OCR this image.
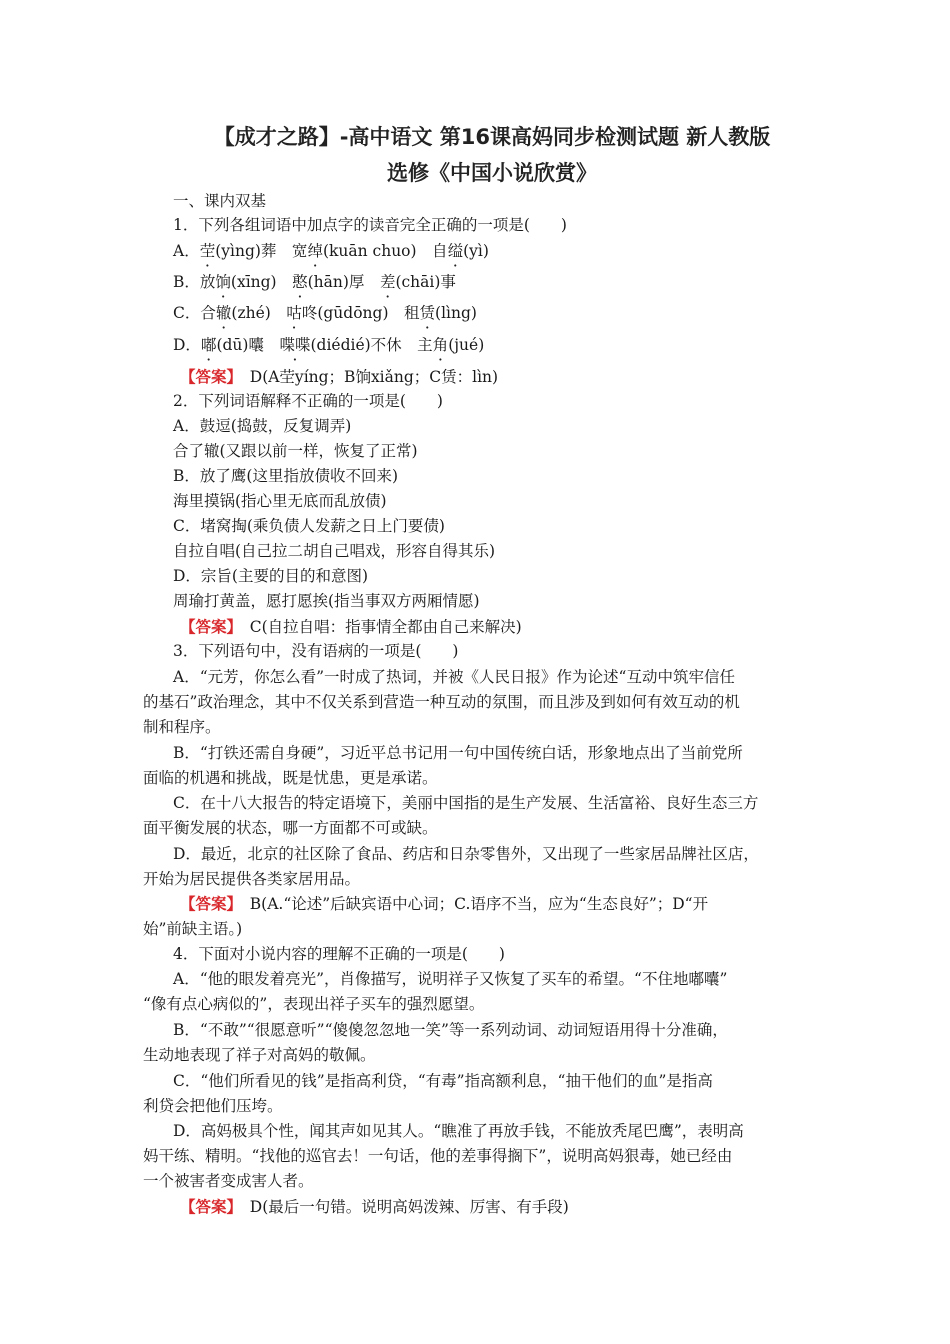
【成才之路】-高中语文 第16课高妈同步检测试题 新人教版
选修《中国小说欣赏》
一、课内双基
1．下列各组词语中加点字的读音完全正确的一项是(　　)
A．茔(yìng)葬　宽绰(kuān chuo)　自缢(yì)
B．放饷(xīng)　憨(hān)厚　差(chāi)事
C．合辙(zhé)　咕咚(gūdōng)　租赁(lìng)
D．嘟(dū)囔　喋喋(diédié)不休　主角(jué)
【答案】　D(A茔yíng；B饷xiǎng；C赁：lìn)
2．下列词语解释不正确的一项是(　　)
A．鼓逗(捣鼓，反复调弄)
合了辙(又跟以前一样，恢复了正常)
B．放了鹰(这里指放债收不回来)
海里摸锅(指心里无底而乱放债)
C．堵窝掏(乘负债人发薪之日上门要债)
自拉自唱(自己拉二胡自己唱戏，形容自得其乐)
D．宗旨(主要的目的和意图)
周瑜打黄盖，愿打愿挨(指当事双方两厢情愿)
【答案】　C(自拉自唱：指事情全都由自己来解决)
3．下列语句中，没有语病的一项是(　　)
A．“元芳，你怎么看”一时成了热词，并被《人民日报》作为论述“互动中筑牢信任
的基石”政治理念，其中不仅关系到营造一种互动的氛围，而且涉及到如何有效互动的机
制和程序。
B．“打铁还需自身硬”，习近平总书记用一句中国传统白话，形象地点出了当前党所
面临的机遇和挑战，既是忧患，更是承诺。
C．在十八大报告的特定语境下，美丽中国指的是生产发展、生活富裕、良好生态三方
面平衡发展的状态，哪一方面都不可或缺。
D．最近，北京的社区除了食品、药店和日杂零售外，又出现了一些家居品牌社区店，
开始为居民提供各类家居用品。
【答案】　B(A.“论述”后缺宾语中心词；C.语序不当，应为“生态良好”；D“开
始”前缺主语。)
4．下面对小说内容的理解不正确的一项是(　　)
A．“他的眼发着亮光”，肖像描写，说明祥子又恢复了买车的希望。“不住地嘟囔”
“像有点心病似的”，表现出祥子买车的强烈愿望。
B．“不敢”“很愿意听”“傻傻忽忽地一笑”等一系列动词、动词短语用得十分准确，
生动地表现了祥子对高妈的敬佩。
C．“他们所看见的钱”是指高利贷，“有毒”指高额利息，“抽干他们的血”是指高
利贷会把他们压垮。
D．高妈极具个性，闻其声如见其人。“瞧准了再放手钱，不能放秃尾巴鹰”，表明高
妈干练、精明。“找他的巡官去！一句话，他的差事得搁下”，说明高妈狠毒，她已经由
一个被害者变成害人者。
【答案】　D(最后一句错。说明高妈泼辣、厉害、有手段)
